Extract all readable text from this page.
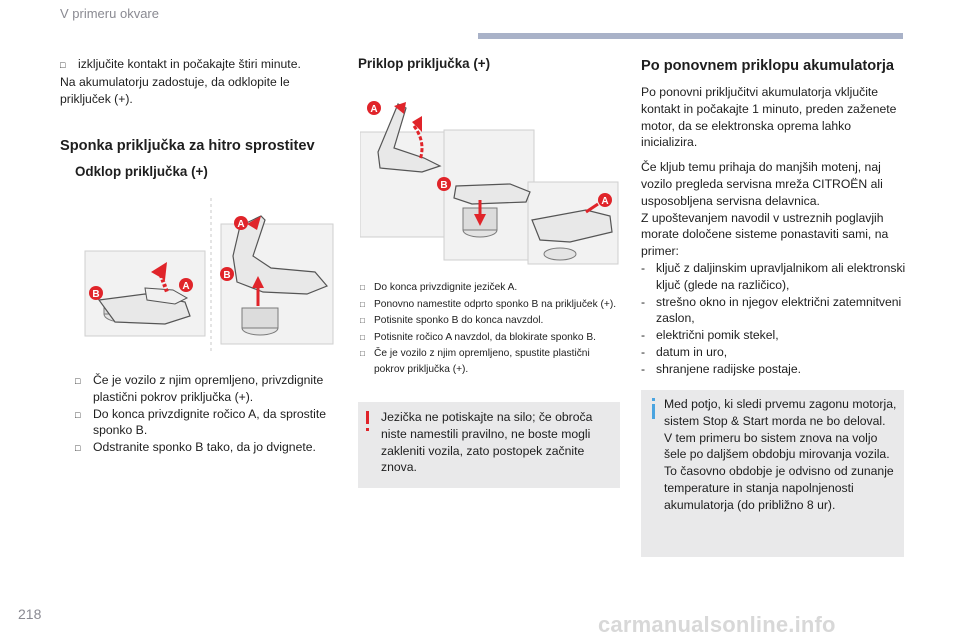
V primeru okvare
□	izključite kontakt in počakajte štiri minute.
Na akumulatorju zadostuje, da odklopite le priključek (+).
Sponka priključka za hitro sprostitev
Odklop priključka (+)
A
B
B
A
□	Če je vozilo z njim opremljeno, privzdignite plastični pokrov priključka (+).
□	Do konca privzdignite ročico A, da sprostite sponko B.
□	Odstranite sponko B tako, da jo dvignete.
Priklop priključka (+)
A
B
A
□ Do konca privzdignite jeziček A.
□ Ponovno namestite odprto sponko B na priključek (+).
□ Potisnite sponko B do konca navzdol.
□ Potisnite ročico A navzdol, da blokirate sponko B.
□ Če je vozilo z njim opremljeno, spustite plastični pokrov priključka (+).
Jezička ne potiskajte na silo; če obroča niste namestili pravilno, ne boste mogli zakleniti vozila, zato postopek začnite znova.
Po ponovnem priklopu akumulatorja
Po ponovni priključitvi akumulatorja vključite kontakt in počakajte 1 minuto, preden zaženete motor, da se elektronska oprema lahko inicializira.
Če kljub temu prihaja do manjših motenj, naj vozilo pregleda servisna mreža CITROËN ali usposobljena servisna delavnica.
Z upoštevanjem navodil v ustreznih poglavjih morate določene sisteme ponastaviti sami, na primer:
- ključ z daljinskim upravljalnikom ali elektronski ključ (glede na različico),
- strešno okno in njegov električni zatemnitveni zaslon,
- električni pomik stekel,
- datum in uro,
- shranjene radijske postaje.
Med potjo, ki sledi prvemu zagonu motorja, sistem Stop & Start morda ne bo deloval.
V tem primeru bo sistem znova na voljo šele po daljšem obdobju mirovanja vozila.
To časovno obdobje je odvisno od zunanje temperature in stanja napolnjenosti akumulatorja (do približno 8 ur).
218	carmanualsonline.info
